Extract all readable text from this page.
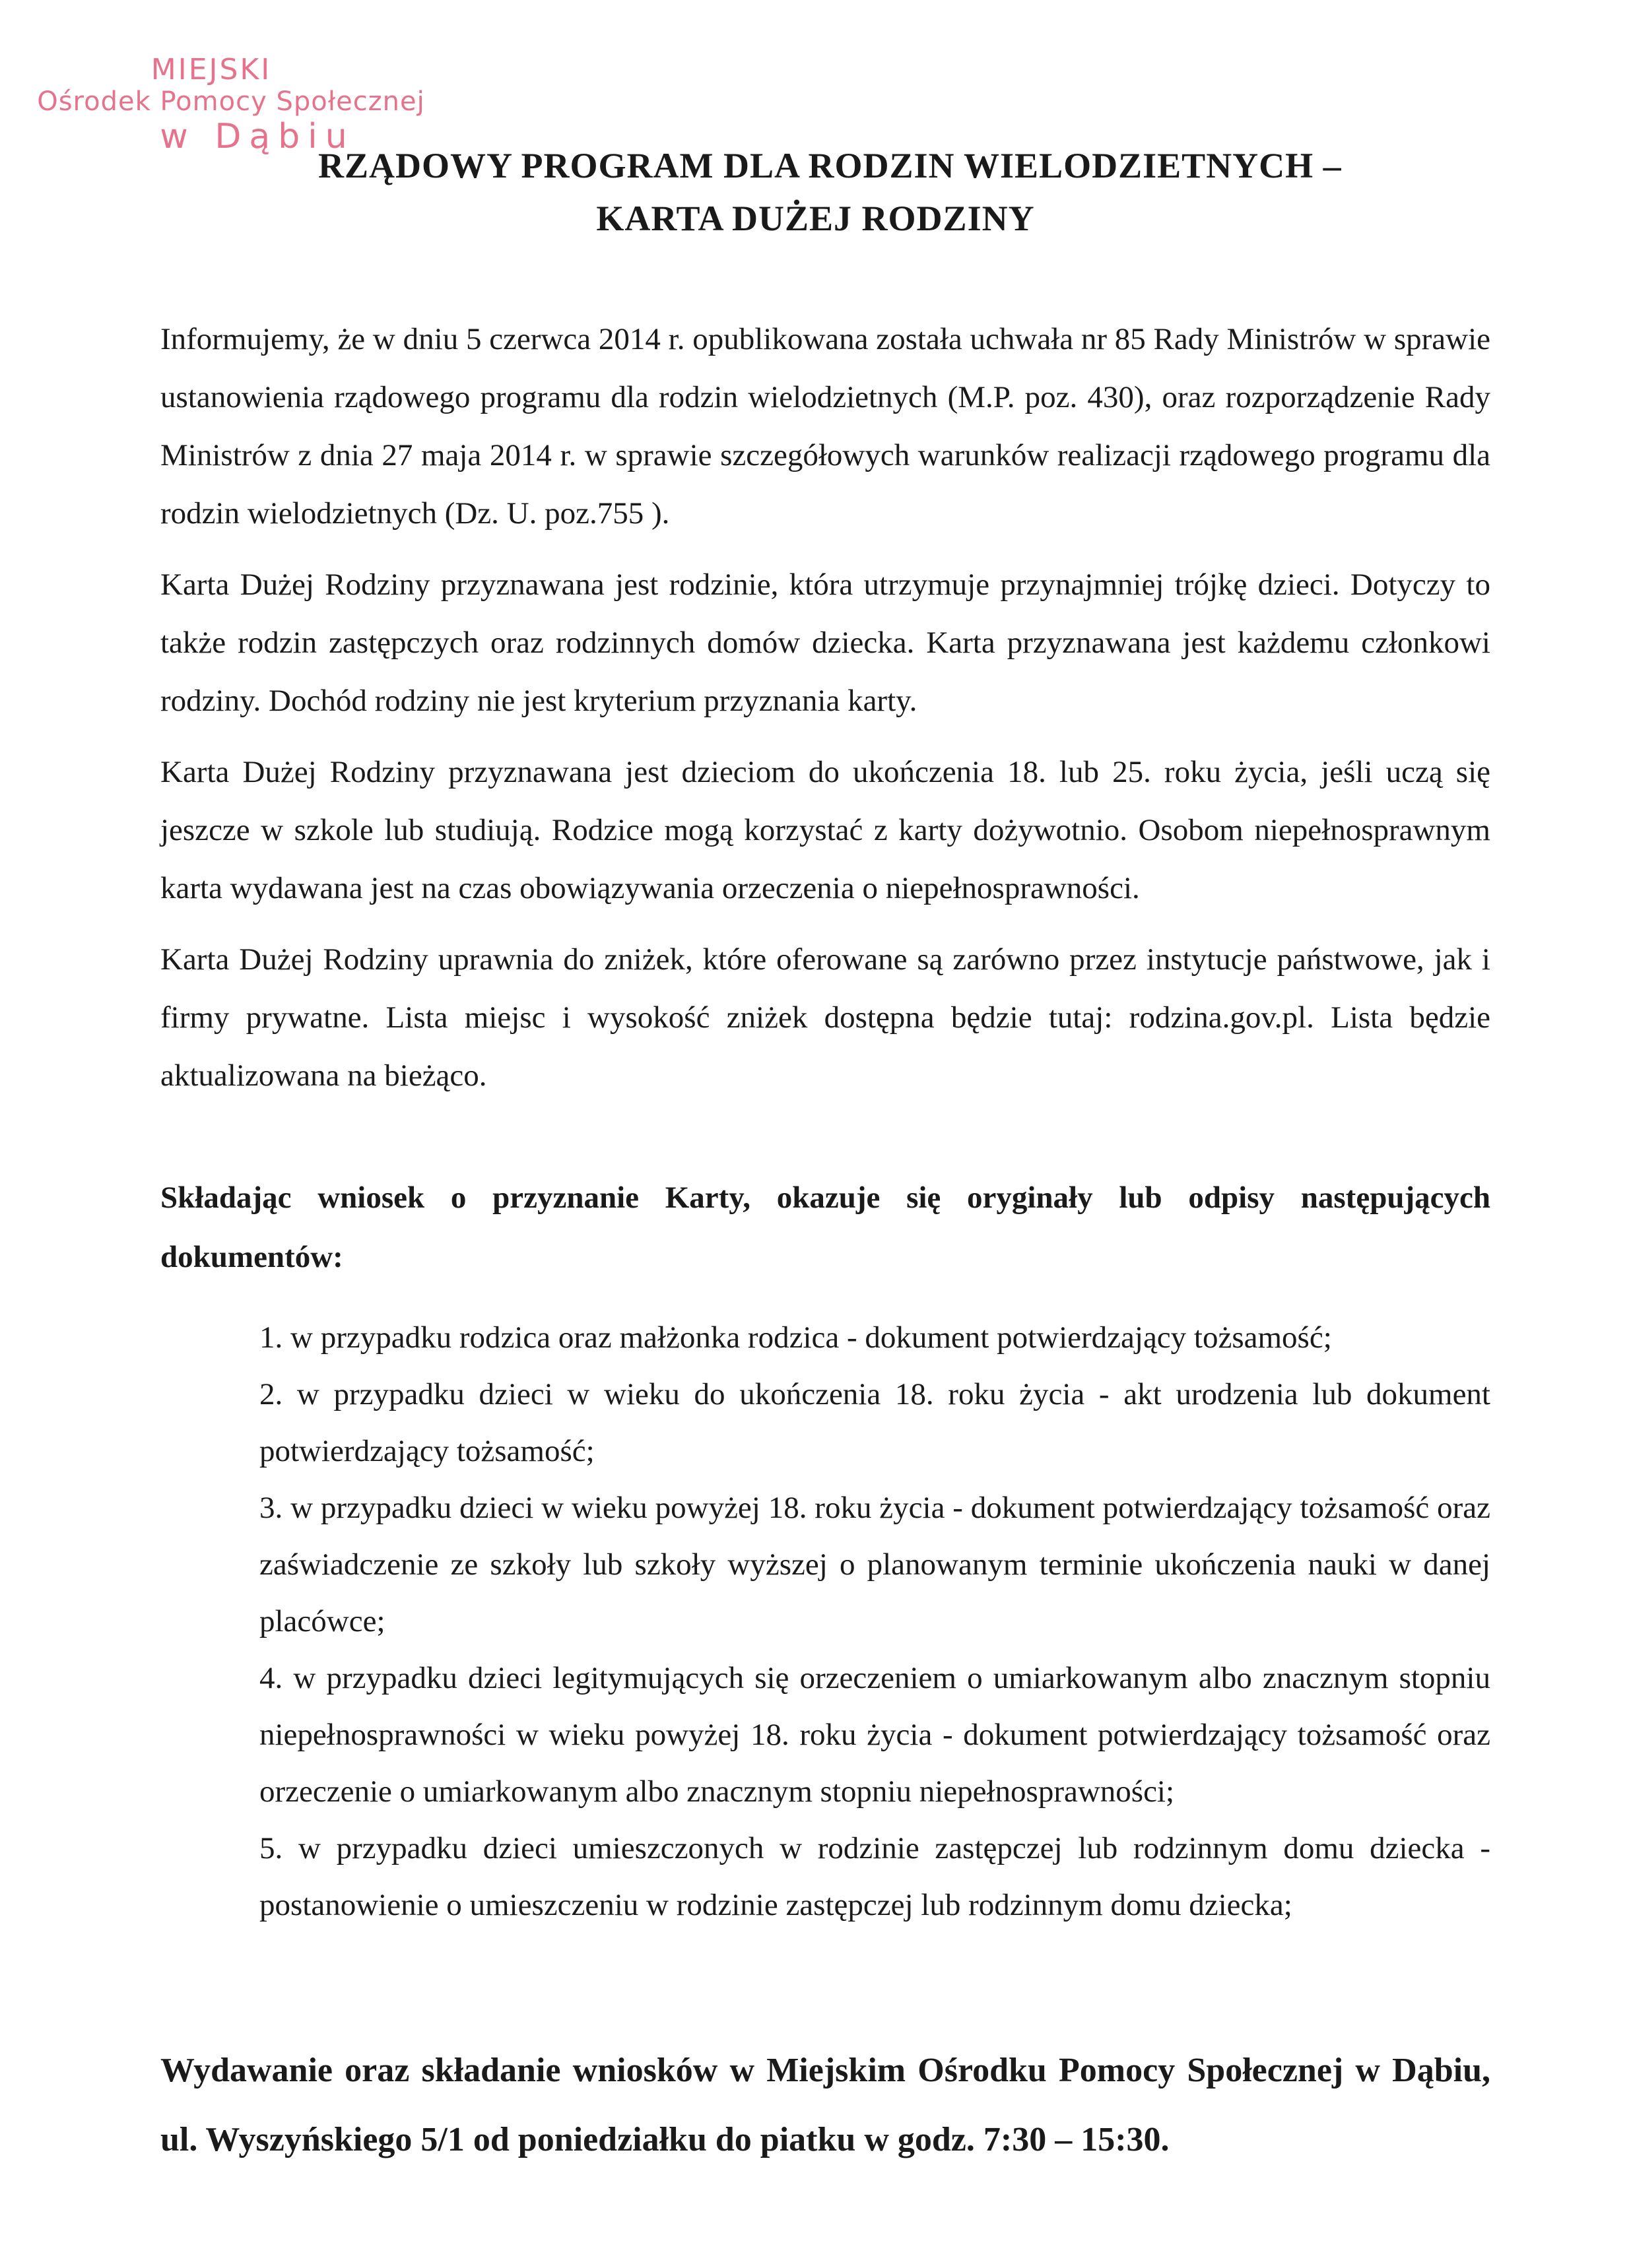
MIEJSKI
Ośrodek Pomocy Społecznej
w Dąbiu
RZĄDOWY PROGRAM DLA RODZIN WIELODZIETNYCH –
KARTA DUŻEJ RODZINY

Informujemy, że w dniu 5 czerwca 2014 r. opublikowana została uchwała nr 85 Rady Ministrów w sprawie ustanowienia rządowego programu dla rodzin wielodzietnych (M.P. poz. 430), oraz rozporządzenie Rady Ministrów z dnia 27 maja 2014 r. w sprawie szczegółowych warunków realizacji rządowego programu dla rodzin wielodzietnych (Dz. U. poz.755 ).

Karta Dużej Rodziny przyznawana jest rodzinie, która utrzymuje przynajmniej trójkę dzieci. Dotyczy to także rodzin zastępczych oraz rodzinnych domów dziecka. Karta przyznawana jest każdemu członkowi rodziny. Dochód rodziny nie jest kryterium przyznania karty.

Karta Dużej Rodziny przyznawana jest dzieciom do ukończenia 18. lub 25. roku życia, jeśli uczą się jeszcze w szkole lub studiują. Rodzice mogą korzystać z karty dożywotnio. Osobom niepełnosprawnym karta wydawana jest na czas obowiązywania orzeczenia o niepełnosprawności.

Karta Dużej Rodziny uprawnia do zniżek, które oferowane są zarówno przez instytucje państwowe, jak i firmy prywatne. Lista miejsc i wysokość zniżek dostępna będzie tutaj: rodzina.gov.pl. Lista będzie aktualizowana na bieżąco.

Składając wniosek o przyznanie Karty, okazuje się oryginały lub odpisy następujących dokumentów:
1. w przypadku rodzica oraz małżonka rodzica - dokument potwierdzający tożsamość;
2. w przypadku dzieci w wieku do ukończenia 18. roku życia - akt urodzenia lub dokument potwierdzający tożsamość;
3. w przypadku dzieci w wieku powyżej 18. roku życia - dokument potwierdzający tożsamość oraz zaświadczenie ze szkoły lub szkoły wyższej o planowanym terminie ukończenia nauki w danej placówce;
4. w przypadku dzieci legitymujących się orzeczeniem o umiarkowanym albo znacznym stopniu niepełnosprawności w wieku powyżej 18. roku życia - dokument potwierdzający tożsamość oraz orzeczenie o umiarkowanym albo znacznym stopniu niepełnosprawności;
5. w przypadku dzieci umieszczonych w rodzinie zastępczej lub rodzinnym domu dziecka - postanowienie o umieszczeniu w rodzinie zastępczej lub rodzinnym domu dziecka;
Wydawanie oraz składanie wniosków w Miejskim Ośrodku Pomocy Społecznej w Dąbiu, ul. Wyszyńskiego 5/1 od poniedziałku do piatku w godz. 7:30 – 15:30.
